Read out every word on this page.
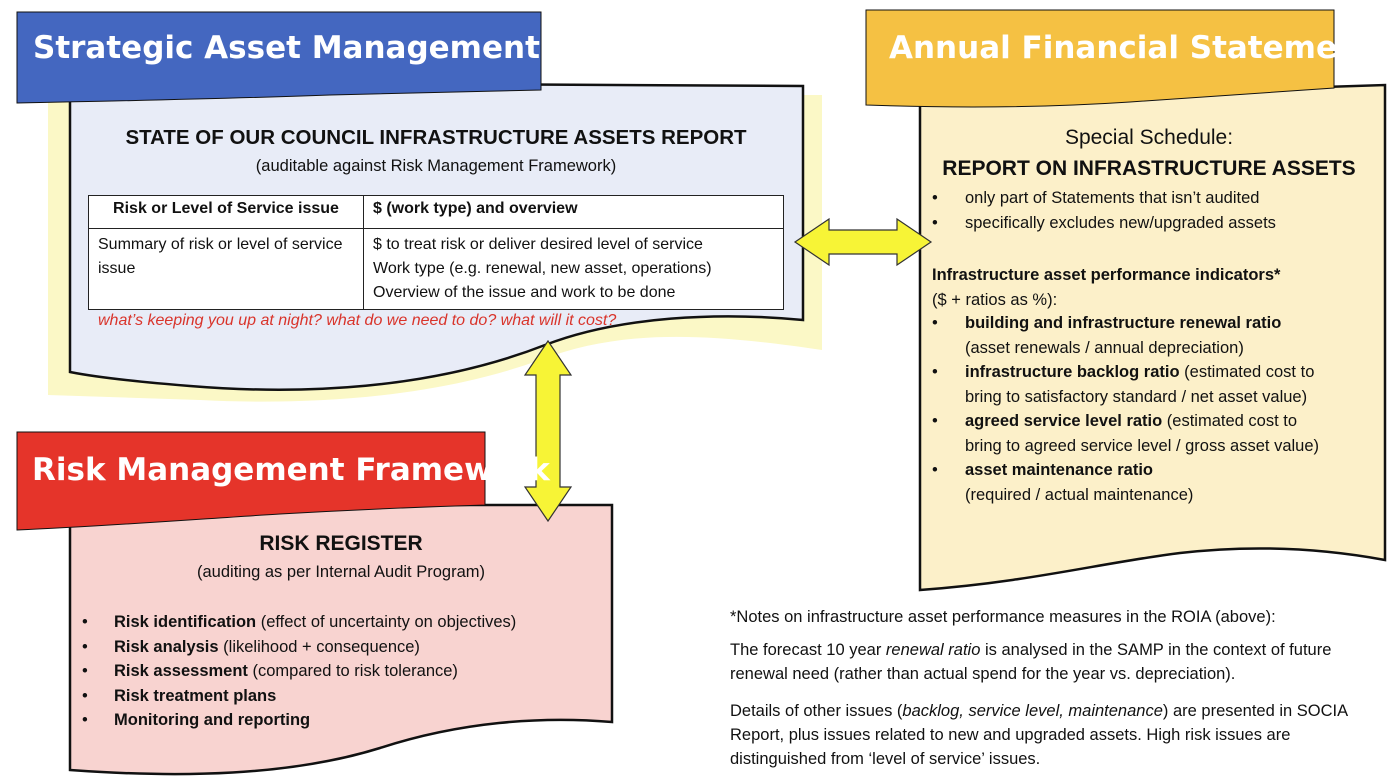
Strategic Asset Management Plan
Risk Management Framework
Annual Financial Statements
STATE OF OUR COUNCIL INFRASTRUCTURE ASSETS REPORT
(auditable against Risk Management Framework)
Risk or Level of Service issue	$ (work type) and overview
Summary of risk or level of service issue	$ to treat risk or deliver desired level of service
Work type (e.g. renewal, new asset, operations)
Overview of the issue and work to be done
what’s keeping you up at night? what do we need to do? what will it cost?
RISK REGISTER
(auditing as per Internal Audit Program)
• Risk identification (effect of uncertainty on objectives)
• Risk analysis (likelihood + consequence)
• Risk assessment (compared to risk tolerance)
• Risk treatment plans
• Monitoring and reporting
Special Schedule:
REPORT ON INFRASTRUCTURE ASSETS
• only part of Statements that isn’t audited
• specifically excludes new/upgraded assets
Infrastructure asset performance indicators*
($ + ratios as %):
• building and infrastructure renewal ratio
(asset renewals / annual depreciation)
• infrastructure backlog ratio (estimated cost to
bring to satisfactory standard / net asset value)
• agreed service level ratio (estimated cost to
bring to agreed service level / gross asset value)
• asset maintenance ratio
(required / actual maintenance)
*Notes on infrastructure asset performance measures in the ROIA (above):
The forecast 10 year renewal ratio is analysed in the SAMP in the context of future renewal need (rather than actual spend for the year vs. depreciation).
Details of other issues (backlog, service level, maintenance) are presented in SOCIA Report, plus issues related to new and upgraded assets. High risk issues are distinguished from ‘level of service’ issues.
